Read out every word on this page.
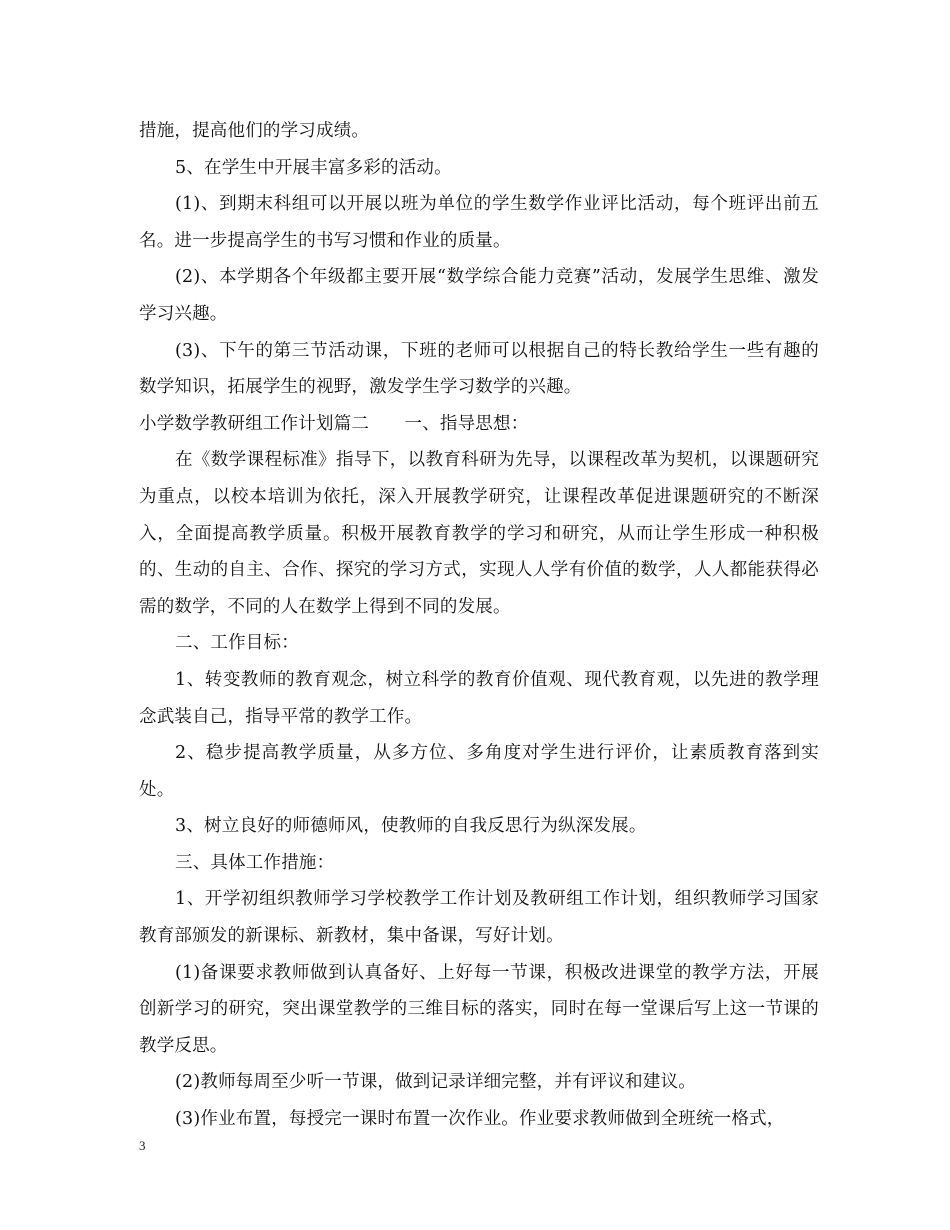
措施，提高他们的学习成绩。

5、在学生中开展丰富多彩的活动。

(1)、到期末科组可以开展以班为单位的学生数学作业评比活动，每个班评出前五名。进一步提高学生的书写习惯和作业的质量。

(2)、本学期各个年级都主要开展“数学综合能力竞赛”活动，发展学生思维、激发学习兴趣。

(3)、下午的第三节活动课，下班的老师可以根据自己的特长教给学生一些有趣的数学知识，拓展学生的视野，激发学生学习数学的兴趣。

小学数学教研组工作计划篇二　　一、指导思想：

在《数学课程标准》指导下，以教育科研为先导，以课程改革为契机，以课题研究为重点，以校本培训为依托，深入开展教学研究，让课程改革促进课题研究的不断深入，全面提高教学质量。积极开展教育教学的学习和研究，从而让学生形成一种积极的、生动的自主、合作、探究的学习方式，实现人人学有价值的数学，人人都能获得必需的数学，不同的人在数学上得到不同的发展。

二、工作目标：

1、转变教师的教育观念，树立科学的教育价值观、现代教育观，以先进的教学理念武装自己，指导平常的教学工作。

2、稳步提高教学质量，从多方位、多角度对学生进行评价，让素质教育落到实处。

3、树立良好的师德师风，使教师的自我反思行为纵深发展。

三、具体工作措施：

1、开学初组织教师学习学校教学工作计划及教研组工作计划，组织教师学习国家教育部颁发的新课标、新教材，集中备课，写好计划。

(1)备课要求教师做到认真备好、上好每一节课，积极改进课堂的教学方法，开展创新学习的研究，突出课堂教学的三维目标的落实，同时在每一堂课后写上这一节课的教学反思。

(2)教师每周至少听一节课，做到记录详细完整，并有评议和建议。

(3)作业布置，每授完一课时布置一次作业。作业要求教师做到全班统一格式，

3
